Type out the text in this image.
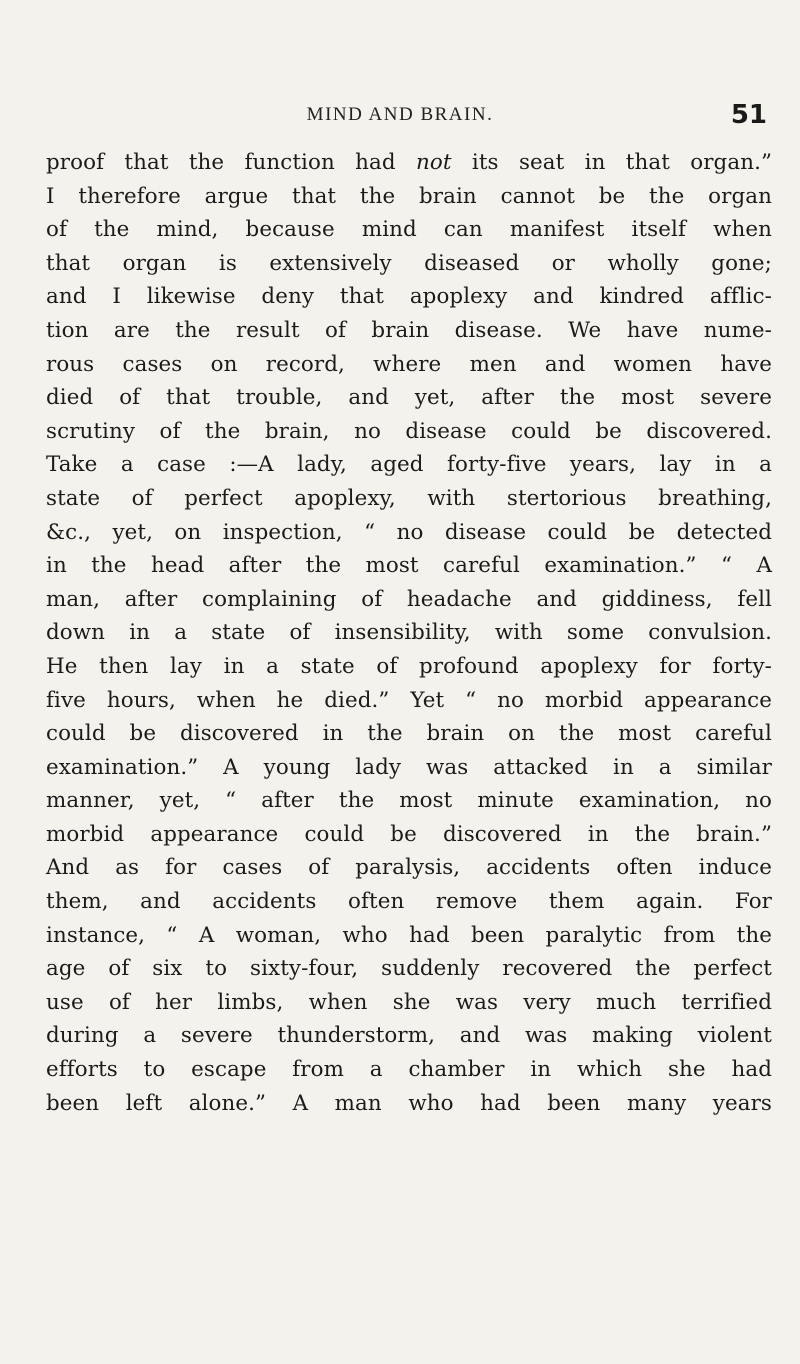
MIND AND BRAIN.	51
proof that the function had not its seat in that organ.”
I therefore argue that the brain cannot be the organ
of the mind, because mind can manifest itself when
that organ is extensively diseased or wholly gone;
and I likewise deny that apoplexy and kindred afflic-
tion are the result of brain disease. We have nume-
rous cases on record, where men and women have
died of that trouble, and yet, after the most severe
scrutiny of the brain, no disease could be discovered.
Take a case :—A lady, aged forty-five years, lay in a
state of perfect apoplexy, with stertorious breathing,
&c., yet, on inspection, “ no disease could be detected
in the head after the most careful examination.” “ A
man, after complaining of headache and giddiness, fell
down in a state of insensibility, with some convulsion.
He then lay in a state of profound apoplexy for forty-
five hours, when he died.” Yet “ no morbid appearance
could be discovered in the brain on the most careful
examination.” A young lady was attacked in a similar
manner, yet, “ after the most minute examination, no
morbid appearance could be discovered in the brain.”
And as for cases of paralysis, accidents often induce
them, and accidents often remove them again. For
instance, “ A woman, who had been paralytic from the
age of six to sixty-four, suddenly recovered the perfect
use of her limbs, when she was very much terrified
during a severe thunderstorm, and was making violent
efforts to escape from a chamber in which she had
been left alone.” A man who had been many years
